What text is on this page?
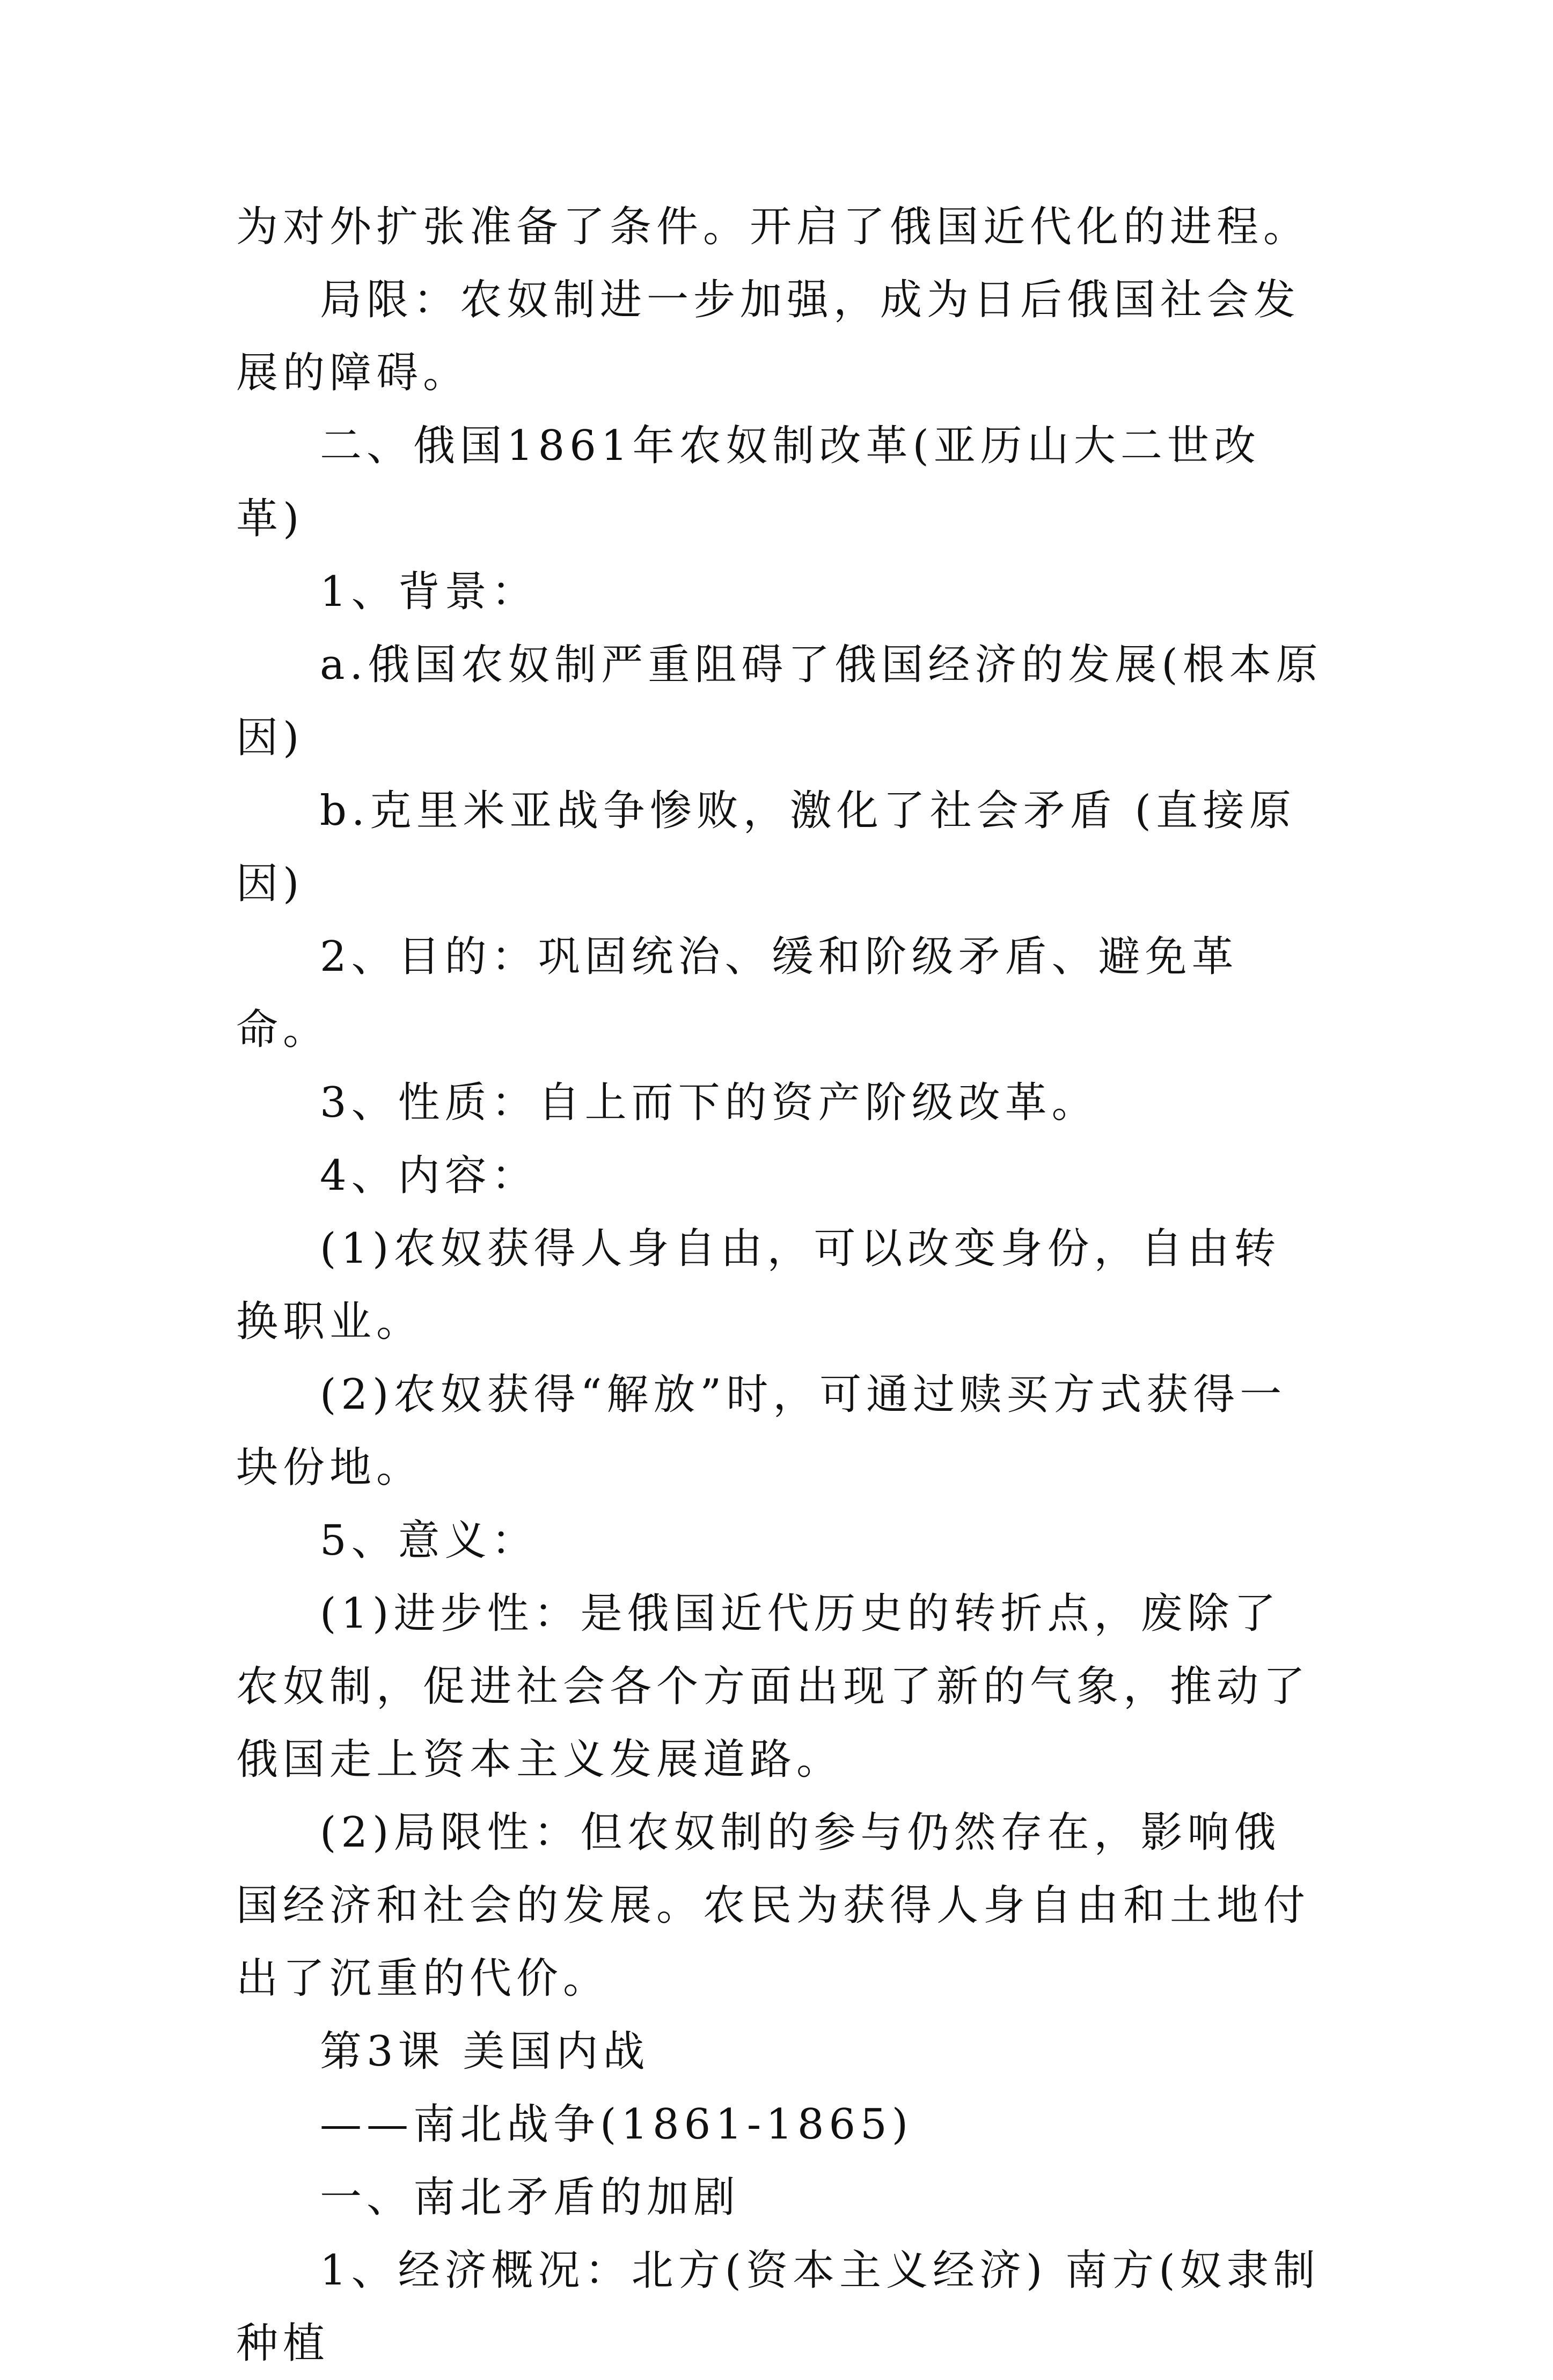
为对外扩张准备了条件。开启了俄国近代化的进程。

局限：农奴制进一步加强，成为日后俄国社会发展的障碍。

二、俄国1861年农奴制改革(亚历山大二世改革)

1、背景：

a.俄国农奴制严重阻碍了俄国经济的发展(根本原因)

b.克里米亚战争惨败，激化了社会矛盾 (直接原因)

2、目的：巩固统治、缓和阶级矛盾、避免革命。

3、性质：自上而下的资产阶级改革。

4、内容：

(1)农奴获得人身自由，可以改变身份，自由转换职业。

(2)农奴获得“解放”时，可通过赎买方式获得一块份地。

5、意义：

(1)进步性：是俄国近代历史的转折点，废除了农奴制，促进社会各个方面出现了新的气象，推动了俄国走上资本主义发展道路。

(2)局限性：但农奴制的参与仍然存在，影响俄国经济和社会的发展。农民为获得人身自由和土地付出了沉重的代价。

第3课 美国内战

——南北战争(1861-1865)

一、南北矛盾的加剧

1、经济概况：北方(资本主义经济) 南方(奴隶制种植
